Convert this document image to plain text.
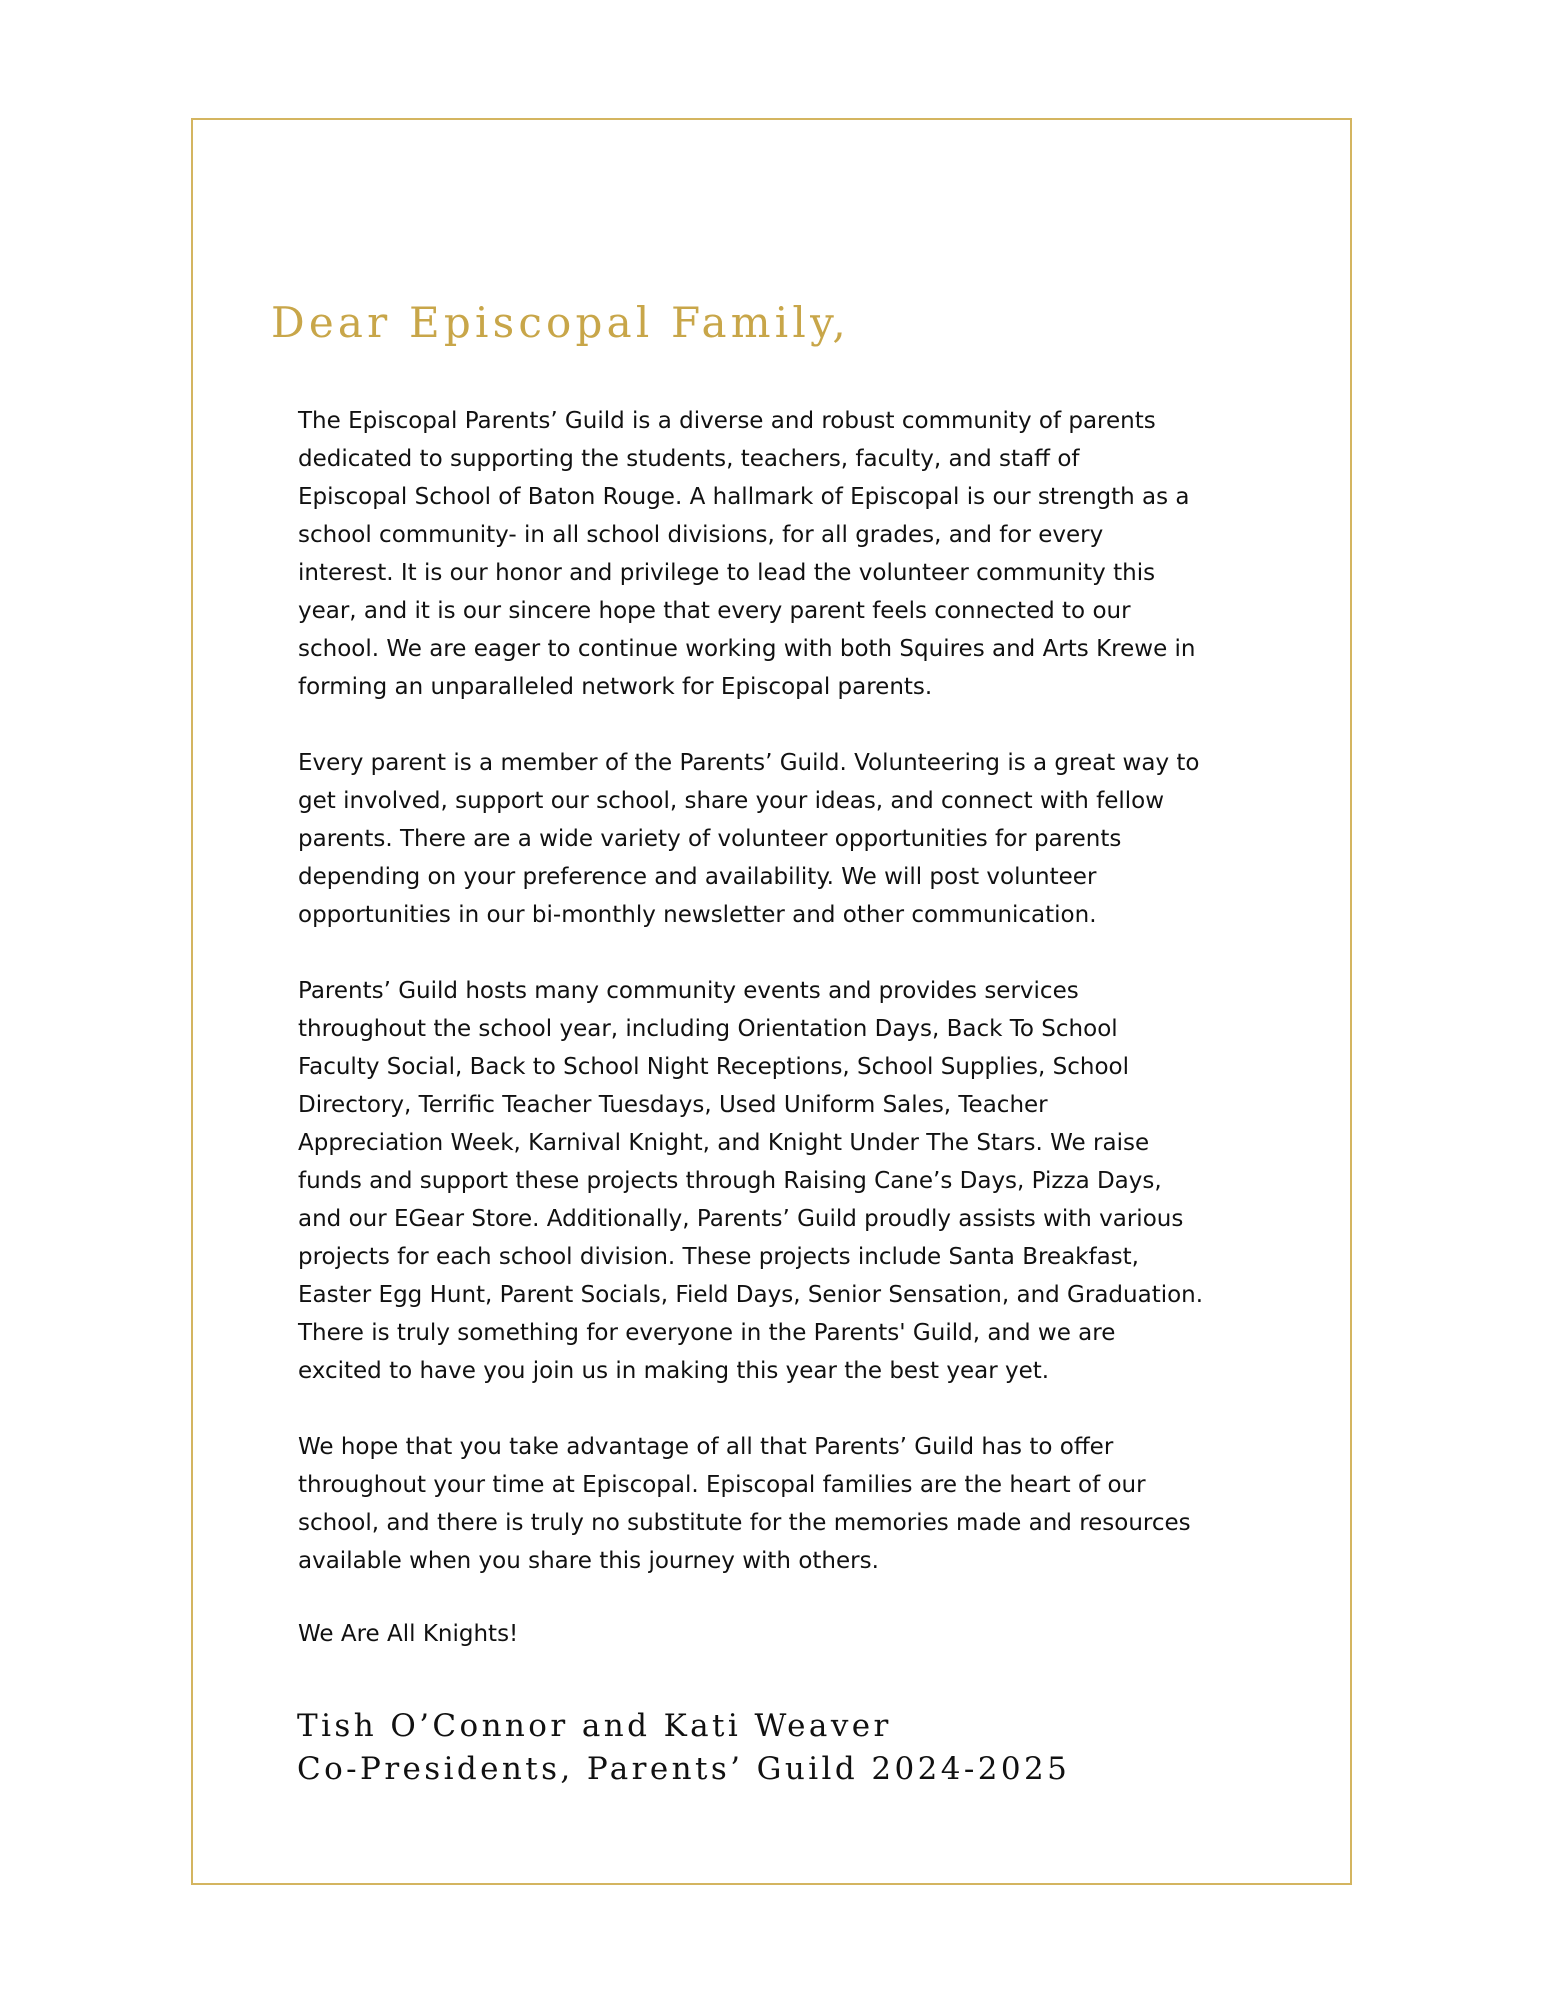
Dear Episcopal Family,

The Episcopal Parents’ Guild is a diverse and robust community of parents
dedicated to supporting the students, teachers, faculty, and staff of
Episcopal School of Baton Rouge. A hallmark of Episcopal is our strength as a
school community- in all school divisions, for all grades, and for every
interest. It is our honor and privilege to lead the volunteer community this
year, and it is our sincere hope that every parent feels connected to our
school. We are eager to continue working with both Squires and Arts Krewe in
forming an unparalleled network for Episcopal parents.

Every parent is a member of the Parents’ Guild. Volunteering is a great way to
get involved, support our school, share your ideas, and connect with fellow
parents. There are a wide variety of volunteer opportunities for parents
depending on your preference and availability. We will post volunteer
opportunities in our bi-monthly newsletter and other communication.

Parents’ Guild hosts many community events and provides services
throughout the school year, including Orientation Days, Back To School
Faculty Social, Back to School Night Receptions, School Supplies, School
Directory, Terrific Teacher Tuesdays, Used Uniform Sales, Teacher
Appreciation Week, Karnival Knight, and Knight Under The Stars. We raise
funds and support these projects through Raising Cane’s Days, Pizza Days,
and our EGear Store. Additionally, Parents’ Guild proudly assists with various
projects for each school division. These projects include Santa Breakfast,
Easter Egg Hunt, Parent Socials, Field Days, Senior Sensation, and Graduation.
There is truly something for everyone in the Parents' Guild, and we are
excited to have you join us in making this year the best year yet.

We hope that you take advantage of all that Parents’ Guild has to offer
throughout your time at Episcopal. Episcopal families are the heart of our
school, and there is truly no substitute for the memories made and resources
available when you share this journey with others.

We Are All Knights!

Tish O’Connor and Kati Weaver
Co-Presidents, Parents’ Guild 2024-2025
